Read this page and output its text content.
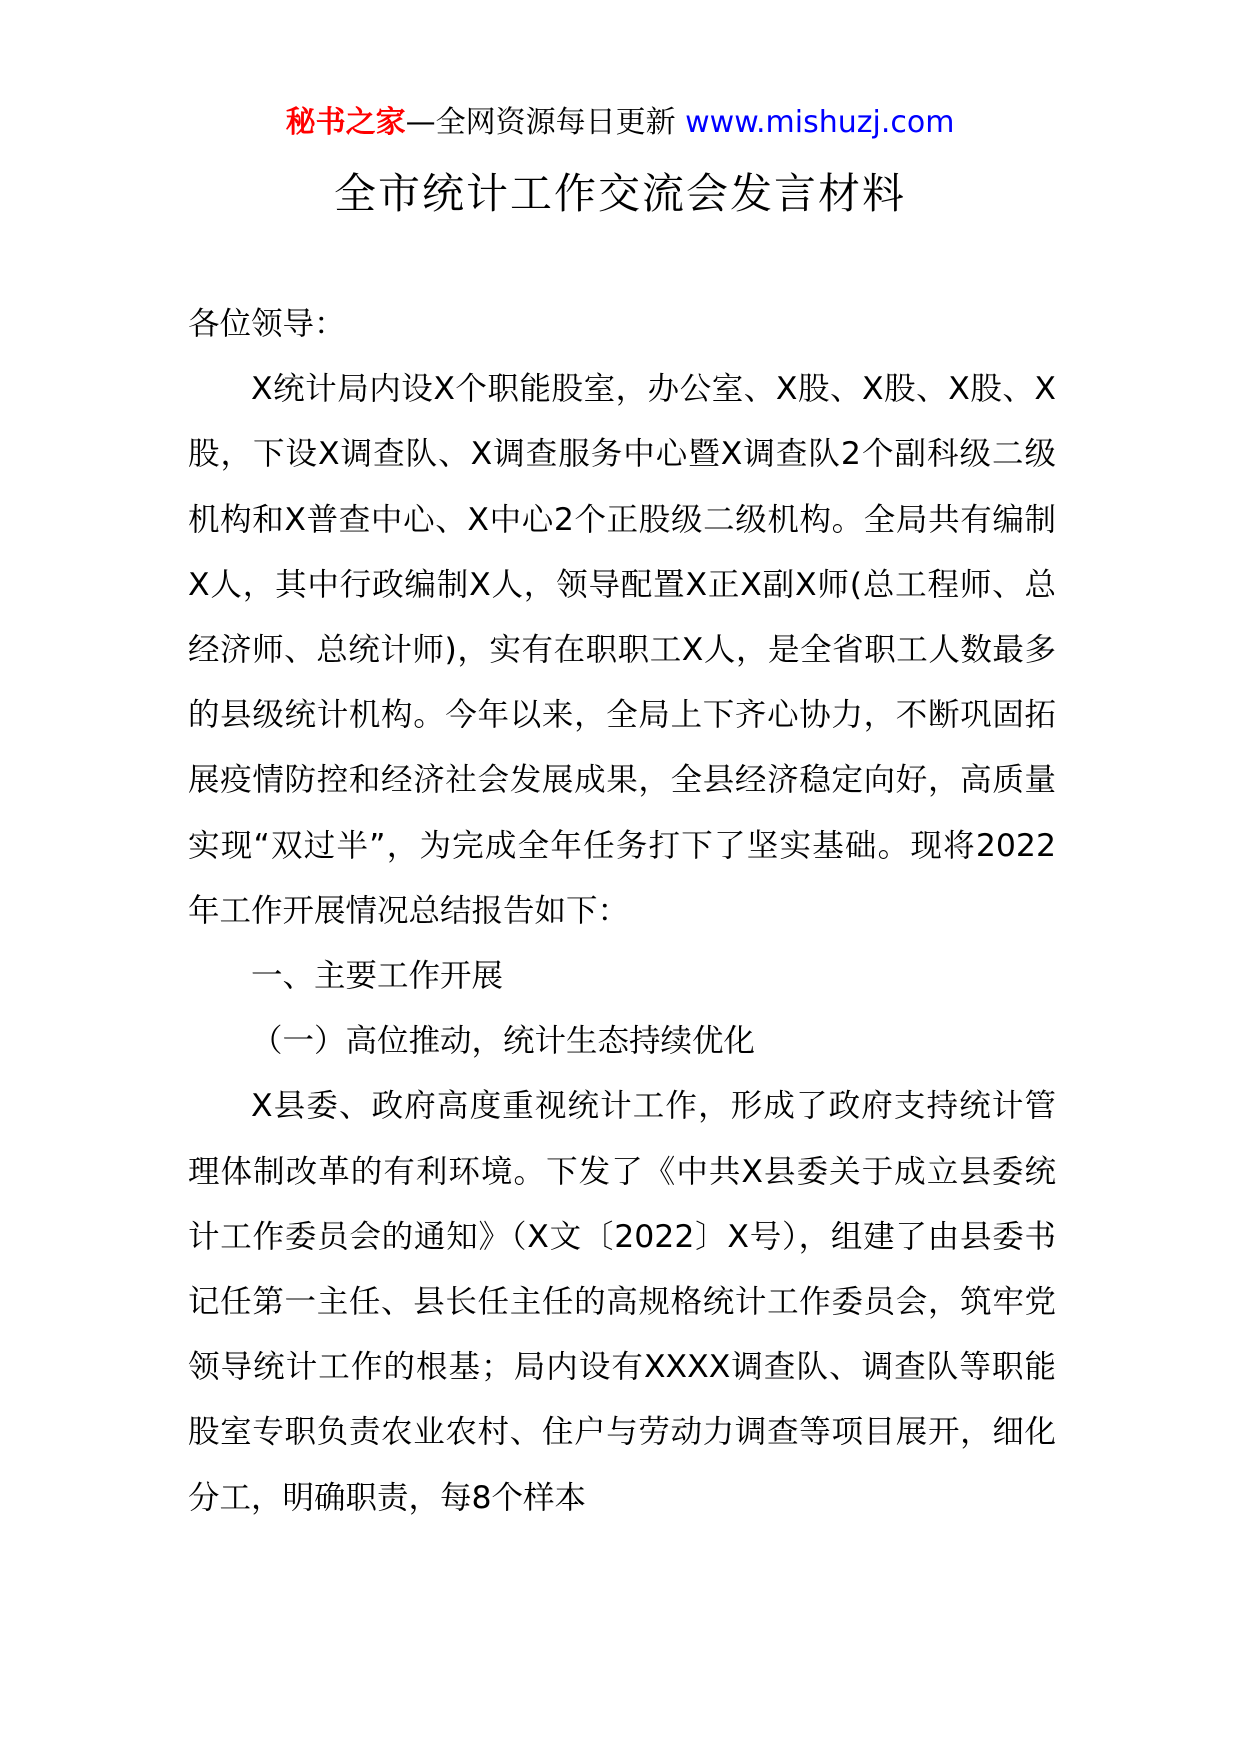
秘书之家—全网资源每日更新 www.mishuzj.com
全市统计工作交流会发言材料

各位领导：

X统计局内设X个职能股室，办公室、X股、X股、X股、X股，下设X调查队、X调查服务中心暨X调查队2个副科级二级机构和X普查中心、X中心2个正股级二级机构。全局共有编制X人，其中行政编制X人，领导配置X正X副X师(总工程师、总经济师、总统计师)，实有在职职工X人，是全省职工人数最多的县级统计机构。今年以来，全局上下齐心协力，不断巩固拓展疫情防控和经济社会发展成果，全县经济稳定向好，高质量实现“双过半”，为完成全年任务打下了坚实基础。现将2022年工作开展情况总结报告如下：

一、主要工作开展

（一）高位推动，统计生态持续优化

X县委、政府高度重视统计工作，形成了政府支持统计管理体制改革的有利环境。下发了《中共X县委关于成立县委统计工作委员会的通知》（X文〔2022〕X号），组建了由县委书记任第一主任、县长任主任的高规格统计工作委员会，筑牢党领导统计工作的根基；局内设有XXXX调查队、调查队等职能股室专职负责农业农村、住户与劳动力调查等项目展开，细化分工，明确职责，每8个样本
